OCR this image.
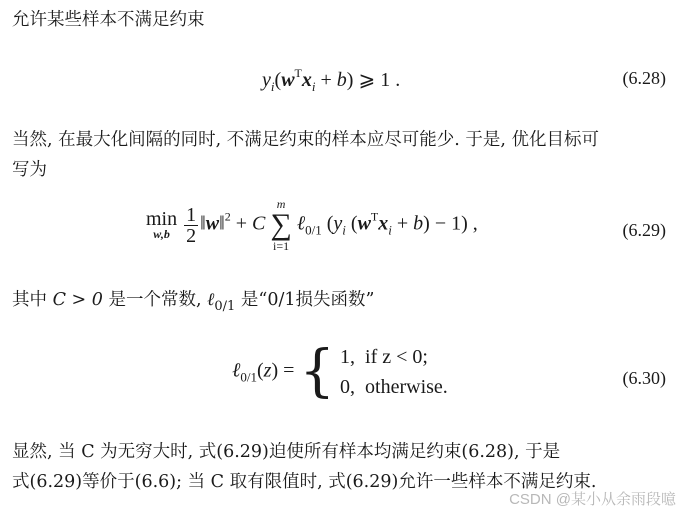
允许某些样本不满足约束
$y_i(w^Tx_i + b)$ ⩾ 1 .	(6.28)
当然, 在最大化间隔的同时, 不满足约束的样本应尽可能少. 于是, 优化目标可
写为
min
w,b
$\frac{1}{2}$ ‖w‖$^2$ + C
m
∑
i=1
ℓ$_{0/1}$ ($y_i$ $(w^Tx_i + b) - 1$) ,	(6.29)
其中 C > 0 是一个常数, ℓ$_{0/1}$ 是“0/1损失函数”
ℓ$_{0/1}$(z) = { 1, if z < 0;
0, otherwise.	(6.30)
显然, 当 C 为无穷大时, 式(6.29)迫使所有样本均满足约束(6.28), 于是
式(6.29)等价于(6.6); 当 C 取有限值时, 式(6.29)允许一些样本不满足约束.
CSDN @某小从余雨段噫
